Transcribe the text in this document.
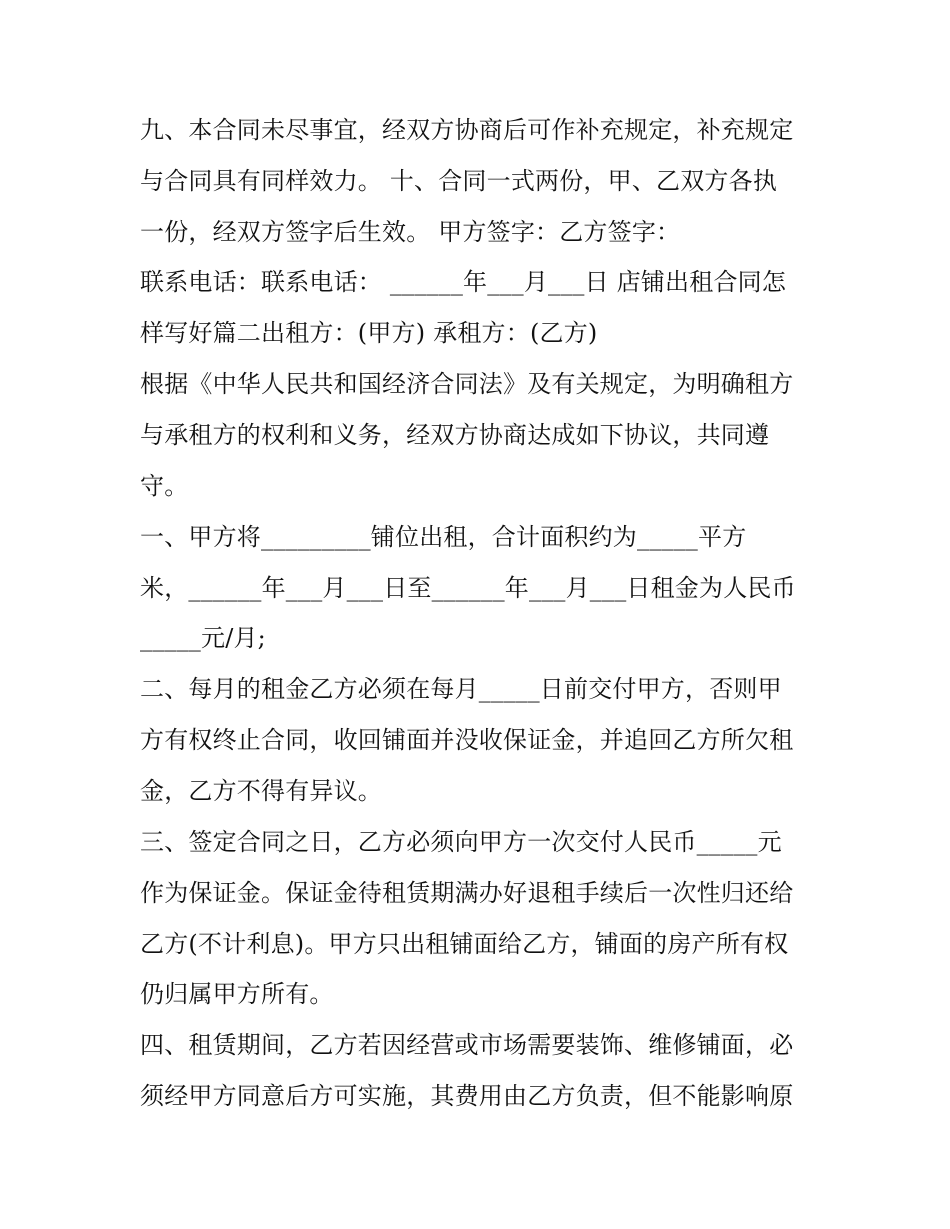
九、本合同未尽事宜，经双方协商后可作补充规定，补充规定
与合同具有同样效力。 十、合同一式两份，甲、乙双方各执
一份，经双方签字后生效。 甲方签字：乙方签字：
联系电话：联系电话： ______年___月___日 店铺出租合同怎
样写好篇二出租方：(甲方) 承租方：(乙方)
根据《中华人民共和国经济合同法》及有关规定，为明确租方
与承租方的权利和义务，经双方协商达成如下协议，共同遵
守。
一、甲方将_________铺位出租，合计面积约为_____平方
米，______年___月___日至______年___月___日租金为人民币
_____元/月;
二、每月的租金乙方必须在每月_____日前交付甲方，否则甲
方有权终止合同，收回铺面并没收保证金，并追回乙方所欠租
金，乙方不得有异议。
三、签定合同之日，乙方必须向甲方一次交付人民币_____元
作为保证金。保证金待租赁期满办好退租手续后一次性归还给
乙方(不计利息)。甲方只出租铺面给乙方，铺面的房产所有权
仍归属甲方所有。
四、租赁期间，乙方若因经营或市场需要装饰、维修铺面，必
须经甲方同意后方可实施，其费用由乙方负责，但不能影响原
